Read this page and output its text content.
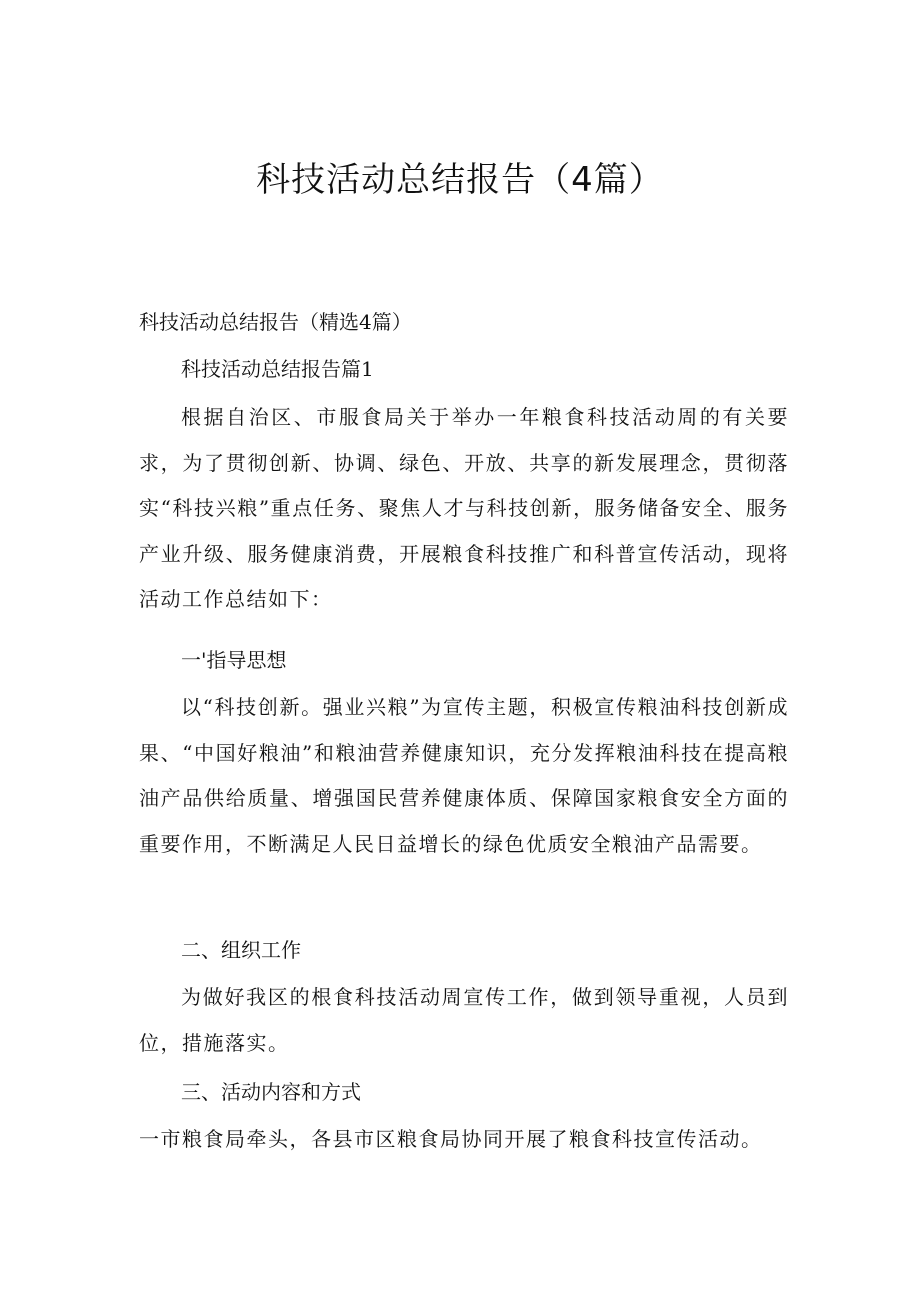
科技活动总结报告（4篇）

科技活动总结报告（精选4篇）

科技活动总结报告篇1

根据自治区、市服食局关于举办一年粮食科技活动周的有关要求，为了贯彻创新、协调、绿色、开放、共享的新发展理念，贯彻落实“科技兴粮”重点任务、聚焦人才与科技创新，服务储备安全、服务产业升级、服务健康消费，开展粮食科技推广和科普宣传活动，现将活动工作总结如下：

一'指导思想

以“科技创新。强业兴粮”为宣传主题，积极宣传粮油科技创新成果、“中国好粮油”和粮油营养健康知识，充分发挥粮油科技在提高粮油产品供给质量、增强国民营养健康体质、保障国家粮食安全方面的重要作用，不断满足人民日益增长的绿色优质安全粮油产品需要。

二、组织工作

为做好我区的根食科技活动周宣传工作，做到领导重视，人员到位，措施落实。

三、活动内容和方式

一市粮食局牵头，各县市区粮食局协同开展了粮食科技宣传活动。
